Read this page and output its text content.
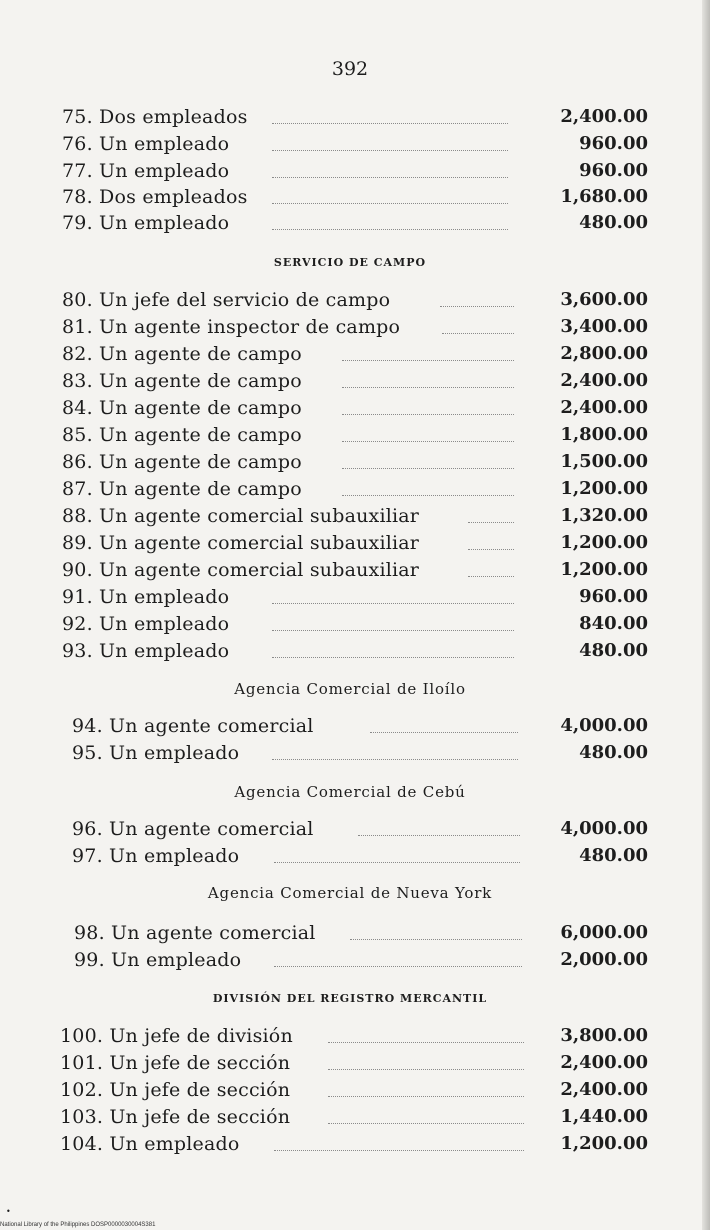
392
75. Dos empleados	2,400.00
76. Un empleado	960.00
77. Un empleado	960.00
78. Dos empleados	1,680.00
79. Un empleado	480.00
SERVICIO DE CAMPO
80. Un jefe del servicio de campo	3,600.00
81. Un agente inspector de campo	3,400.00
82. Un agente de campo	2,800.00
83. Un agente de campo	2,400.00
84. Un agente de campo	2,400.00
85. Un agente de campo	1,800.00
86. Un agente de campo	1,500.00
87. Un agente de campo	1,200.00
88. Un agente comercial subauxiliar	1,320.00
89. Un agente comercial subauxiliar	1,200.00
90. Un agente comercial subauxiliar	1,200.00
91. Un empleado	960.00
92. Un empleado	840.00
93. Un empleado	480.00
Agencia Comercial de Iloílo
94. Un agente comercial	4,000.00
95. Un empleado	480.00
Agencia Comercial de Cebú
96. Un agente comercial	4,000.00
97. Un empleado	480.00
Agencia Comercial de Nueva York
98. Un agente comercial	6,000.00
99. Un empleado	2,000.00
DIVISIÓN DEL REGISTRO MERCANTIL
100. Un jefe de división	3,800.00
101. Un jefe de sección	2,400.00
102. Un jefe de sección	2,400.00
103. Un jefe de sección	1,440.00
104. Un empleado	1,200.00
•
National Library of the Philippines DOSP0000030004S381
